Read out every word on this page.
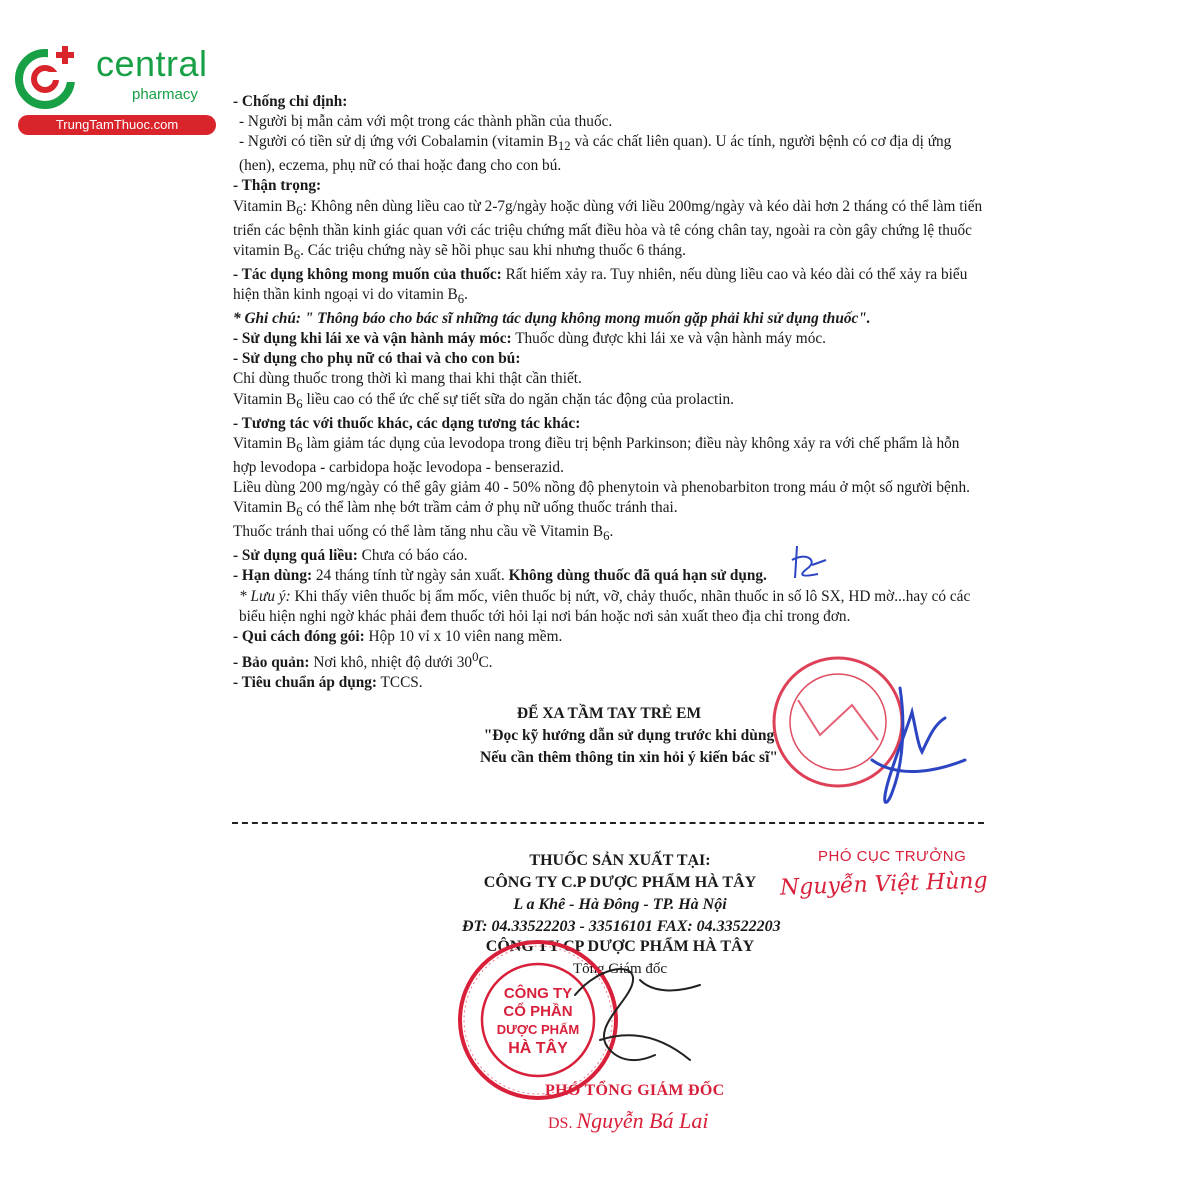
central
pharmacy
TrungTamThuoc.com

- Chống chỉ định:

- Người bị mẫn cảm với một trong các thành phần của thuốc.

- Người có tiền sử dị ứng với Cobalamin (vitamin $B_{12}$ và các chất liên quan). U ác tính, người bệnh có cơ địa dị ứng (hen), eczema, phụ nữ có thai hoặc đang cho con bú.

- Thận trọng:

Vitamin $B_6$: Không nên dùng liều cao từ 2-7g/ngày hoặc dùng với liều 200mg/ngày và kéo dài hơn 2 tháng có thể làm tiến triển các bệnh thần kinh giác quan với các triệu chứng mất điều hòa và tê cóng chân tay, ngoài ra còn gây chứng lệ thuốc vitamin $B_6$. Các triệu chứng này sẽ hồi phục sau khi nhưng thuốc 6 tháng.

- Tác dụng không mong muốn của thuốc: Rất hiếm xảy ra. Tuy nhiên, nếu dùng liều cao và kéo dài có thể xảy ra biểu hiện thần kinh ngoại vi do vitamin $B_6$.

* Ghi chú: " Thông báo cho bác sĩ những tác dụng không mong muốn gặp phải khi sử dụng thuốc".

- Sử dụng khi lái xe và vận hành máy móc: Thuốc dùng được khi lái xe và vận hành máy móc.

- Sử dụng cho phụ nữ có thai và cho con bú:

Chỉ dùng thuốc trong thời kì mang thai khi thật cần thiết.

Vitamin $B_6$ liều cao có thể ức chế sự tiết sữa do ngăn chặn tác động của prolactin.

- Tương tác với thuốc khác, các dạng tương tác khác:

Vitamin $B_6$ làm giảm tác dụng của levodopa trong điều trị bệnh Parkinson; điều này không xảy ra với chế phẩm là hỗn hợp levodopa - carbidopa hoặc levodopa - benserazid.

Liều dùng 200 mg/ngày có thể gây giảm 40 - 50% nồng độ phenytoin và phenobarbiton trong máu ở một số người bệnh.

Vitamin $B_6$ có thể làm nhẹ bớt trầm cảm ở phụ nữ uống thuốc tránh thai.

Thuốc tránh thai uống có thể làm tăng nhu cầu về Vitamin $B_6$.

- Sử dụng quá liều: Chưa có báo cáo.

- Hạn dùng: 24 tháng tính từ ngày sản xuất. Không dùng thuốc đã quá hạn sử dụng.

* Lưu ý: Khi thấy viên thuốc bị ẩm mốc, viên thuốc bị nứt, vỡ, chảy thuốc, nhãn thuốc in số lô SX, HD mờ...hay có các biểu hiện nghi ngờ khác phải đem thuốc tới hỏi lại nơi bán hoặc nơi sản xuất theo địa chỉ trong đơn.

- Qui cách đóng gói: Hộp 10 vỉ x 10 viên nang mềm.

- Bảo quản: Nơi khô, nhiệt độ dưới $30^0C$.

- Tiêu chuẩn áp dụng: TCCS.

ĐỂ XA TẦM TAY TRẺ EM
"Đọc kỹ hướng dẫn sử dụng trước khi dùng
Nếu cần thêm thông tin xin hỏi ý kiến bác sĩ"
THUỐC SẢN XUẤT TẠI:
CÔNG TY C.P DƯỢC PHẨM HÀ TÂY
L a Khê - Hà Đông - TP. Hà Nội
ĐT: 04.33522203 - 33516101 FAX: 04.33522203
CÔNG TY CP DƯỢC PHẨM HÀ TÂY
Tổng Giám đốc
PHÓ CỤC TRƯỞNG
Nguyễn Việt Hùng
PHÓ TỔNG GIÁM ĐỐC
DS. Nguyễn Bá Lai
CÔNG TY
CỔ PHẦN
DƯỢC PHẨM
HÀ TÂY
